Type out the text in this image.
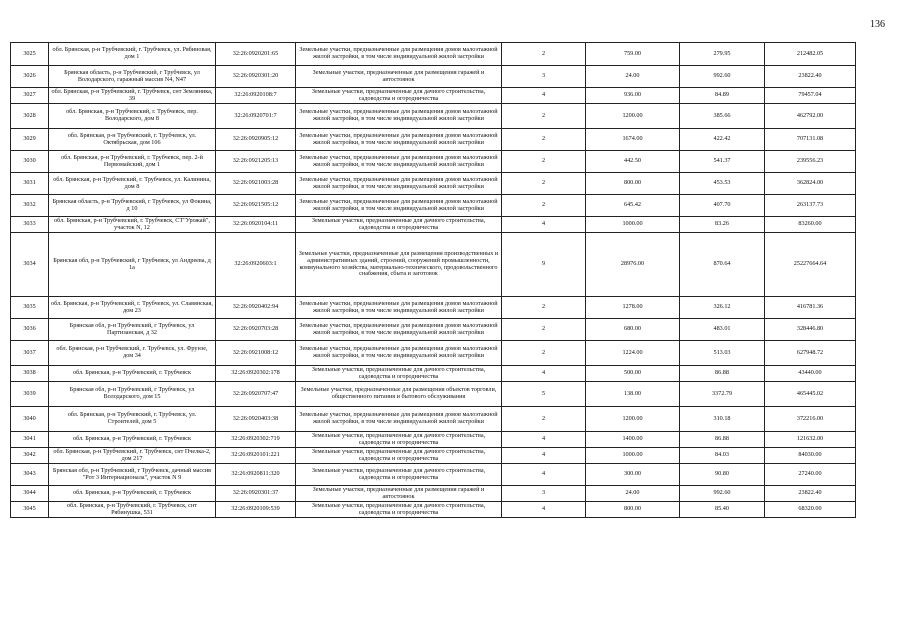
136
3025	обл. Брянская, р-н Трубчевский, г. Трубчевск, ул. Рябиновая, дом 1	32:26:0920201:65	Земельные участки, предназначенные для размещения домов малоэтажной жилой застройки, в том числе индивидуальной жилой застройки	2	759.00	279.95	212482.05
3026	Брянская область, р-н Трубчевский, г Трубчевск, ул Володарского, гаражный массив N4, N47	32:26:0920301:20	Земельные участки, предназначенные для размещения гаражей и автостоянок	3	24.00	992.60	23822.40
3027	обл. Брянская, р-н Трубчевский, г. Трубчевск, снт Земляника, 39	32:26:0920108:7	Земельные участки, предназначенные для дачного строительства, садоводства и огородничества	4	936.00	84.89	79457.04
3028	обл. Брянская, р-н Трубчевский, г. Трубчевск, пер. Володарского, дом 8	32:26:0920701:7	Земельные участки, предназначенные для размещения домов малоэтажной жилой застройки, в том числе индивидуальной жилой застройки	2	1200.00	385.66	462792.00
3029	обл. Брянская, р-н Трубчевский, г. Трубчевск, ул. Октябрьская, дом 106	32:26:0920905:12	Земельные участки, предназначенные для размещения домов малоэтажной жилой застройки, в том числе индивидуальной жилой застройки	2	1674.00	422.42	707131.08
3030	обл. Брянская, р-н Трубчевский, г. Трубчевск, пер. 2-й Первомайский, дом 1	32:26:0921205:13	Земельные участки, предназначенные для размещения домов малоэтажной жилой застройки, в том числе индивидуальной жилой застройки	2	442.50	541.37	239556.23
3031	обл. Брянская, р-н Трубчевский, г. Трубчевск, ул. Калинина, дом 8	32:26:0921003:28	Земельные участки, предназначенные для размещения домов малоэтажной жилой застройки, в том числе индивидуальной жилой застройки	2	800.00	453.53	362824.00
3032	Брянская область, р-н Трубчевский, г Трубчевск, ул Фокина, д 10	32:26:0921505:12	Земельные участки, предназначенные для размещения домов малоэтажной жилой застройки, в том числе индивидуальной жилой застройки	2	645.42	407.70	263137.73
3033	обл. Брянская, р-н Трубчевский, г. Трубчевск, СТ"Урожай", участок N, 12	32:26:0920104:11	Земельные участки, предназначенные для дачного строительства, садоводства и огородничества	4	1000.00	83.26	83260.00
3034	Брянская обл, р-н Трубчевский, г Трубчевск, ул Андреева, д 1а	32:26:0920603:1	Земельные участки, предназначенные для размещения производственных и административных зданий, строений, сооружений промышленности, коммунального хозяйства, материально-технического, продовольственного снабжения, сбыта и заготовок	9	28976.00	870.64	25227664.64
3035	обл. Брянская, р-н Трубчевский, г. Трубчевск, ул. Славянская, дом 23	32:26:0920402:94	Земельные участки, предназначенные для размещения домов малоэтажной жилой застройки, в том числе индивидуальной жилой застройки	2	1278.00	326.12	416781.36
3036	Брянская обл, р-н Трубчевский, г Трубчевск, ул Партизанская, д 32	32:26:0920703:28	Земельные участки, предназначенные для размещения домов малоэтажной жилой застройки, в том числе индивидуальной жилой застройки	2	680.00	483.01	328446.80
3037	обл. Брянская, р-н Трубчевский, г. Трубчевск, ул. Фрунзе, дом 34	32:26:0921008:12	Земельные участки, предназначенные для размещения домов малоэтажной жилой застройки, в том числе индивидуальной жилой застройки	2	1224.00	513.03	627948.72
3038	обл. Брянская, р-н Трубчевский, г. Трубчевск	32:26:0920302:178	Земельные участки, предназначенные для дачного строительства, садоводства и огородничества	4	500.00	86.88	43440.00
3039	Брянская обл, р-н Трубчевский, г Трубчевск, ул Володарского, дом 15	32:26:0920707:47	Земельные участки, предназначенные для размещения объектов торговли, общественного питания и бытового обслуживания	5	138.00	3372.79	465445.02
3040	обл. Брянская, р-н Трубчевский, г. Трубчевск, ул. Строителей, дом 5	32:26:0920403:38	Земельные участки, предназначенные для размещения домов малоэтажной жилой застройки, в том числе индивидуальной жилой застройки	2	1200.00	310.18	372216.00
3041	обл. Брянская, р-н Трубчевский, г. Трубчевск	32:26:0920302:719	Земельные участки, предназначенные для дачного строительства, садоводства и огородничества	4	1400.00	86.88	121632.00
3042	обл. Брянская, р-н Трубчевский, г. Трубчевск, снт Пчелка-2, дом 217	32:26:0920101:221	Земельные участки, предназначенные для дачного строительства, садоводства и огородничества	4	1000.00	84.03	84030.00
3043	Брянская обл, р-н Трубчевский, г Трубчевск, дачный массив "Рот 3 Интернационала", участок N 9	32:26:0920811:320	Земельные участки, предназначенные для дачного строительства, садоводства и огородничества	4	300.00	90.80	27240.00
3044	обл. Брянская, р-н Трубчевский, г. Трубчевск	32:26:0920301:37	Земельные участки, предназначенные для размещения гаражей и автостоянок	3	24.00	992.60	23822.40
3045	обл. Брянская, р-н Трубчевский, г. Трубчевск, снт Рябинушка, 531	32:26:0920109:539	Земельные участки, предназначенные для дачного строительства, садоводства и огородничества	4	800.00	85.40	68320.00
